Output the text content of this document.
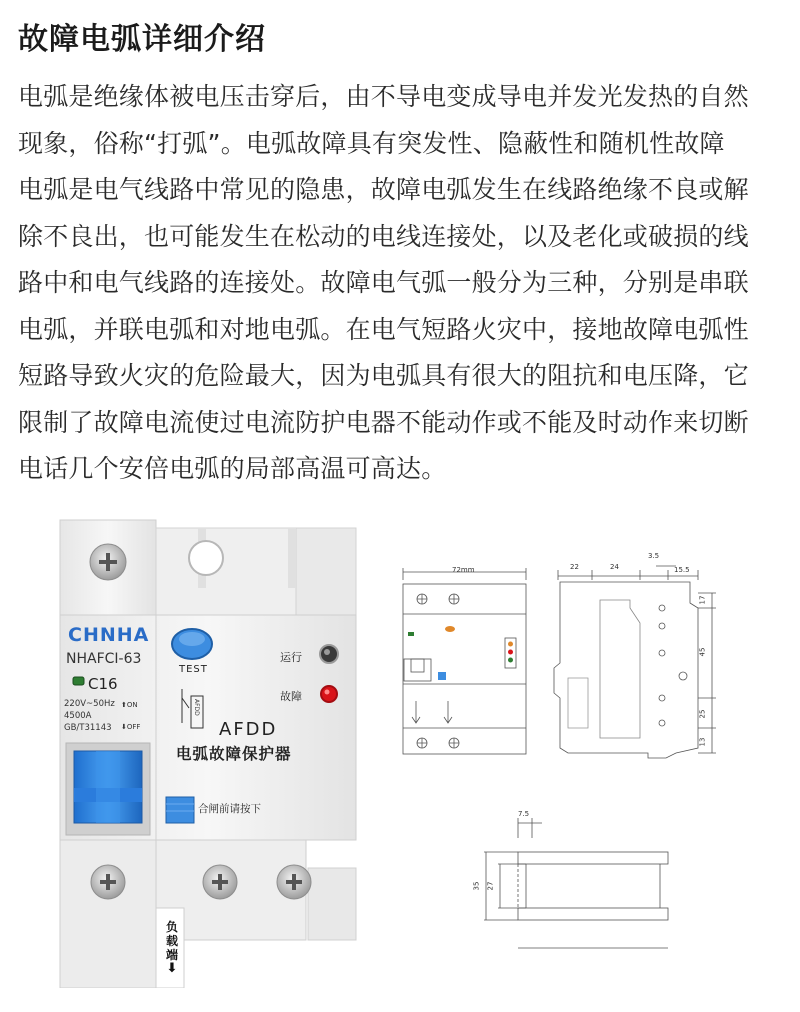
故障电弧详细介绍
电弧是绝缘体被电压击穿后，由不导电变成导电并发光发热的自然
现象，俗称“打弧”。电弧故障具有突发性、隐蔽性和随机性故障
电弧是电气线路中常见的隐患，故障电弧发生在线路绝缘不良或解
除不良出，也可能发生在松动的电线连接处，以及老化或破损的线
路中和电气线路的连接处。故障电气弧一般分为三种，分别是串联
电弧，并联电弧和对地电弧。在电气短路火灾中，接地故障电弧性
短路导致火灾的危险最大，因为电弧具有很大的阻抗和电压降，它
限制了故障电流使过电流防护电器不能动作或不能及时动作来切断
电话几个安倍电弧的局部高温可高达。
CHNHA
NHAFCI-63
C16
220V~50Hz
4500A
GB/T31143
⬆ON
⬇OFF
TEST
AFDD
运行
故障
AFDD
电弧故障保护器
合闸前请按下
负载端
⬇
72mm	22	24	15.5
3.5
17
45
25
13
7.5
35 27
